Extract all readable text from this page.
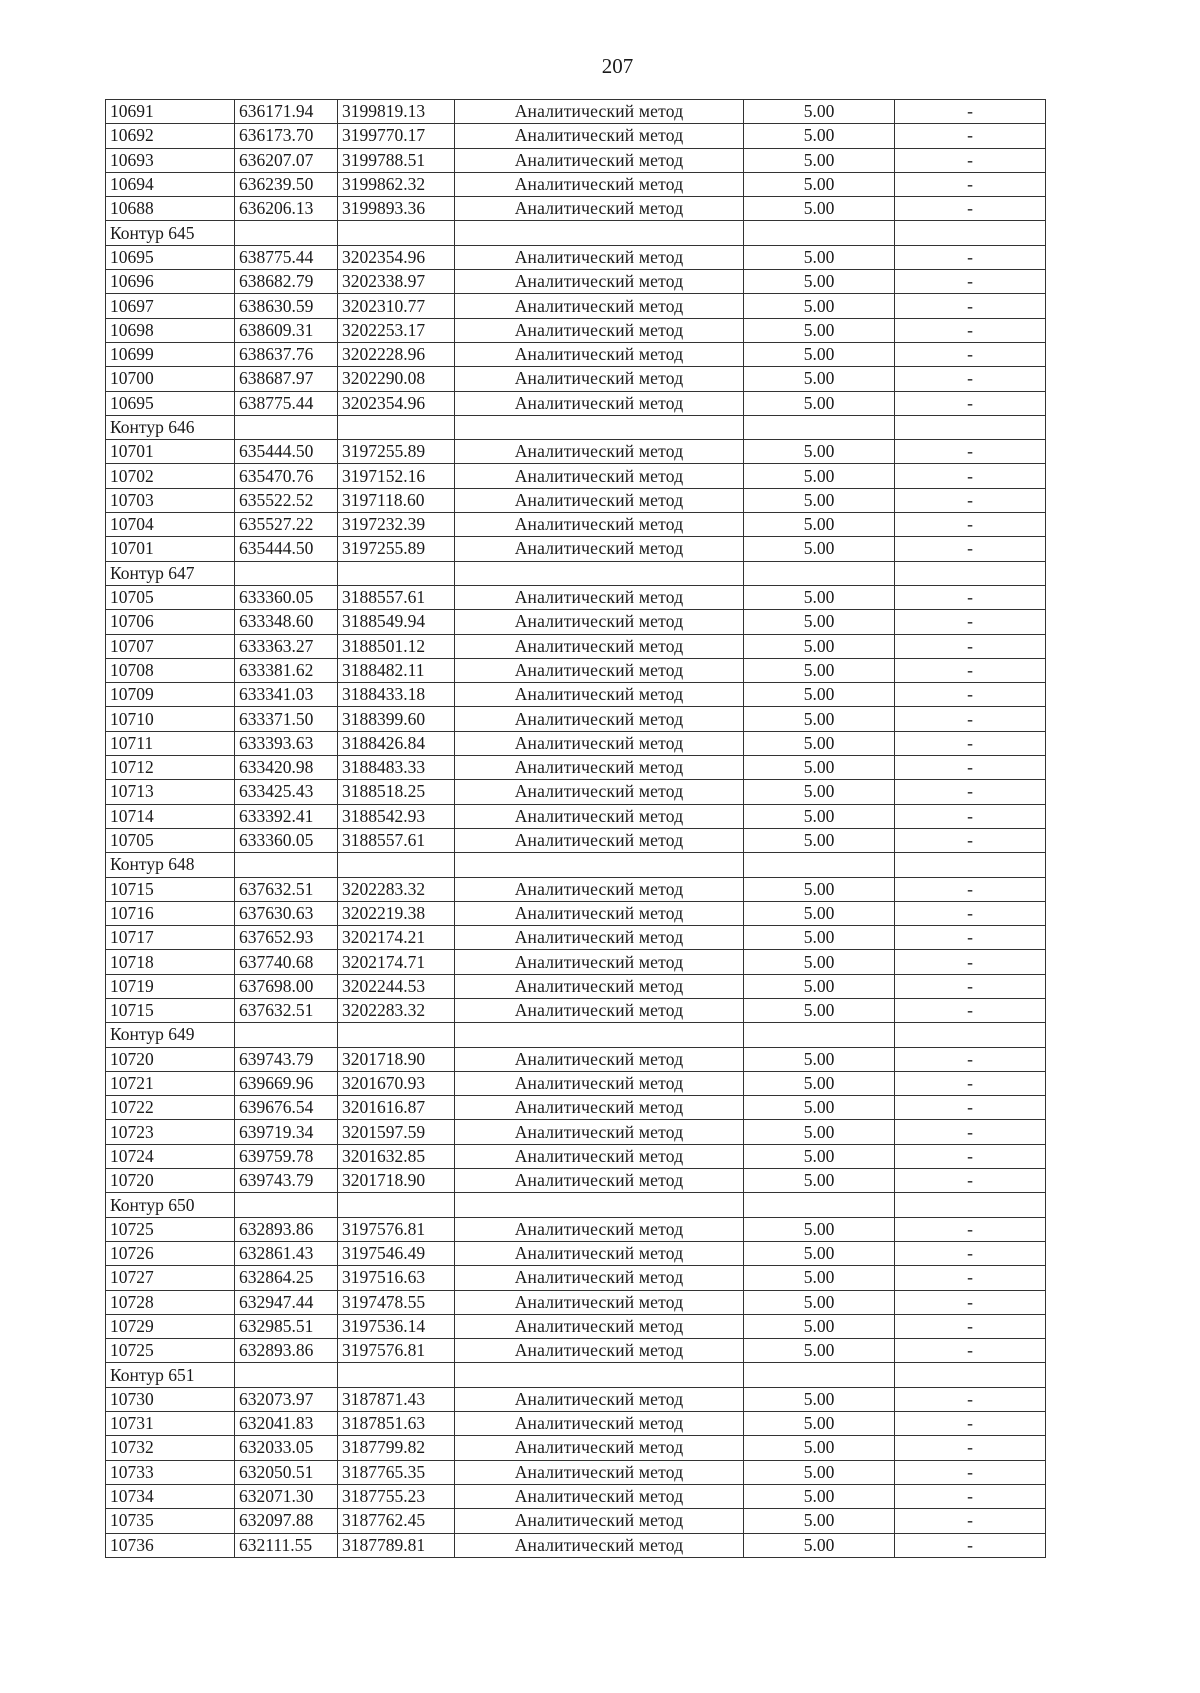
207
10691	636171.94	3199819.13	Аналитический метод	5.00	-
10692	636173.70	3199770.17	Аналитический метод	5.00	-
10693	636207.07	3199788.51	Аналитический метод	5.00	-
10694	636239.50	3199862.32	Аналитический метод	5.00	-
10688	636206.13	3199893.36	Аналитический метод	5.00	-
Контур 645					
10695	638775.44	3202354.96	Аналитический метод	5.00	-
10696	638682.79	3202338.97	Аналитический метод	5.00	-
10697	638630.59	3202310.77	Аналитический метод	5.00	-
10698	638609.31	3202253.17	Аналитический метод	5.00	-
10699	638637.76	3202228.96	Аналитический метод	5.00	-
10700	638687.97	3202290.08	Аналитический метод	5.00	-
10695	638775.44	3202354.96	Аналитический метод	5.00	-
Контур 646					
10701	635444.50	3197255.89	Аналитический метод	5.00	-
10702	635470.76	3197152.16	Аналитический метод	5.00	-
10703	635522.52	3197118.60	Аналитический метод	5.00	-
10704	635527.22	3197232.39	Аналитический метод	5.00	-
10701	635444.50	3197255.89	Аналитический метод	5.00	-
Контур 647					
10705	633360.05	3188557.61	Аналитический метод	5.00	-
10706	633348.60	3188549.94	Аналитический метод	5.00	-
10707	633363.27	3188501.12	Аналитический метод	5.00	-
10708	633381.62	3188482.11	Аналитический метод	5.00	-
10709	633341.03	3188433.18	Аналитический метод	5.00	-
10710	633371.50	3188399.60	Аналитический метод	5.00	-
10711	633393.63	3188426.84	Аналитический метод	5.00	-
10712	633420.98	3188483.33	Аналитический метод	5.00	-
10713	633425.43	3188518.25	Аналитический метод	5.00	-
10714	633392.41	3188542.93	Аналитический метод	5.00	-
10705	633360.05	3188557.61	Аналитический метод	5.00	-
Контур 648					
10715	637632.51	3202283.32	Аналитический метод	5.00	-
10716	637630.63	3202219.38	Аналитический метод	5.00	-
10717	637652.93	3202174.21	Аналитический метод	5.00	-
10718	637740.68	3202174.71	Аналитический метод	5.00	-
10719	637698.00	3202244.53	Аналитический метод	5.00	-
10715	637632.51	3202283.32	Аналитический метод	5.00	-
Контур 649					
10720	639743.79	3201718.90	Аналитический метод	5.00	-
10721	639669.96	3201670.93	Аналитический метод	5.00	-
10722	639676.54	3201616.87	Аналитический метод	5.00	-
10723	639719.34	3201597.59	Аналитический метод	5.00	-
10724	639759.78	3201632.85	Аналитический метод	5.00	-
10720	639743.79	3201718.90	Аналитический метод	5.00	-
Контур 650					
10725	632893.86	3197576.81	Аналитический метод	5.00	-
10726	632861.43	3197546.49	Аналитический метод	5.00	-
10727	632864.25	3197516.63	Аналитический метод	5.00	-
10728	632947.44	3197478.55	Аналитический метод	5.00	-
10729	632985.51	3197536.14	Аналитический метод	5.00	-
10725	632893.86	3197576.81	Аналитический метод	5.00	-
Контур 651					
10730	632073.97	3187871.43	Аналитический метод	5.00	-
10731	632041.83	3187851.63	Аналитический метод	5.00	-
10732	632033.05	3187799.82	Аналитический метод	5.00	-
10733	632050.51	3187765.35	Аналитический метод	5.00	-
10734	632071.30	3187755.23	Аналитический метод	5.00	-
10735	632097.88	3187762.45	Аналитический метод	5.00	-
10736	632111.55	3187789.81	Аналитический метод	5.00	-
